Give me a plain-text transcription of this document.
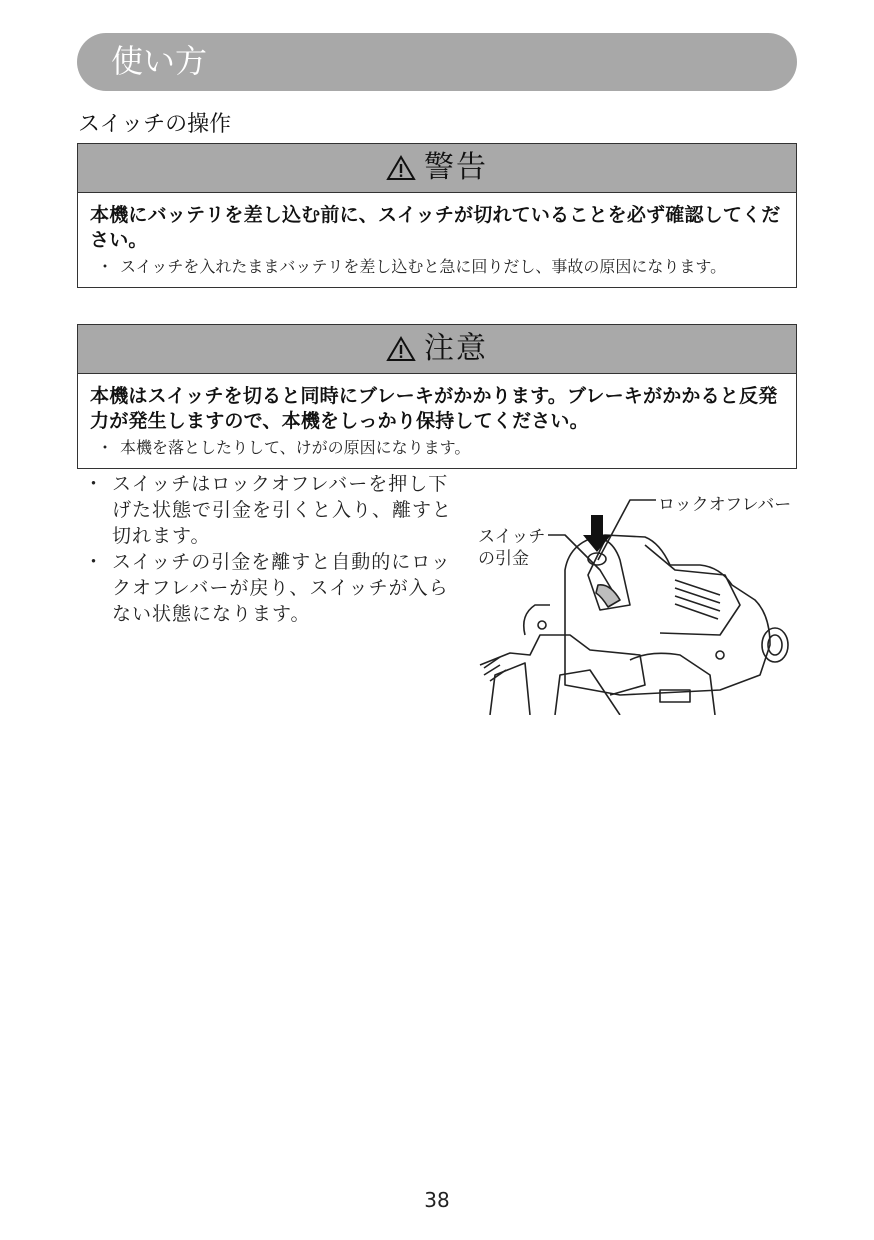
使い方
スイッチの操作
警告
本機にバッテリを差し込む前に、スイッチが切れていることを必ず確認してください。
・ スイッチを入れたままバッテリを差し込むと急に回りだし、事故の原因になります。
注意
本機はスイッチを切ると同時にブレーキがかかります。ブレーキがかかると反発力が発生しますので、本機をしっかり保持してください。
・ 本機を落としたりして、けがの原因になります。
・ スイッチはロックオフレバーを押し下げた状態で引金を引くと入り、離すと切れます。
・ スイッチの引金を離すと自動的にロックオフレバーが戻り、スイッチが入らない状態になります。
ロックオフレバー
スイッチの引金
38
